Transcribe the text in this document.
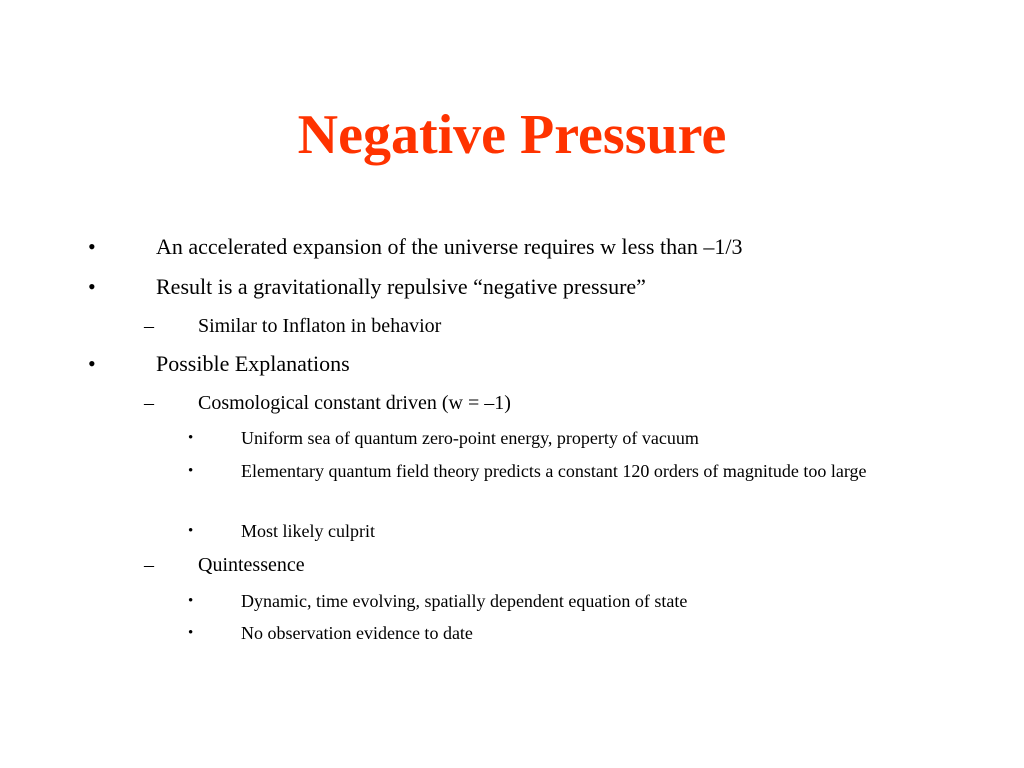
Negative Pressure
•	An accelerated expansion of the universe requires w less than –1/3
•	Result is a gravitationally repulsive “negative pressure”
– Similar to Inflaton in behavior
•	Possible Explanations
– Cosmological constant driven (w = –1)
•	Uniform sea of quantum zero-point energy, property of vacuum
•	Elementary quantum field theory predicts a constant 120 orders of magnitude too large
•	Most likely culprit
– Quintessence
•	Dynamic, time evolving, spatially dependent equation of state
•	No observation evidence to date
